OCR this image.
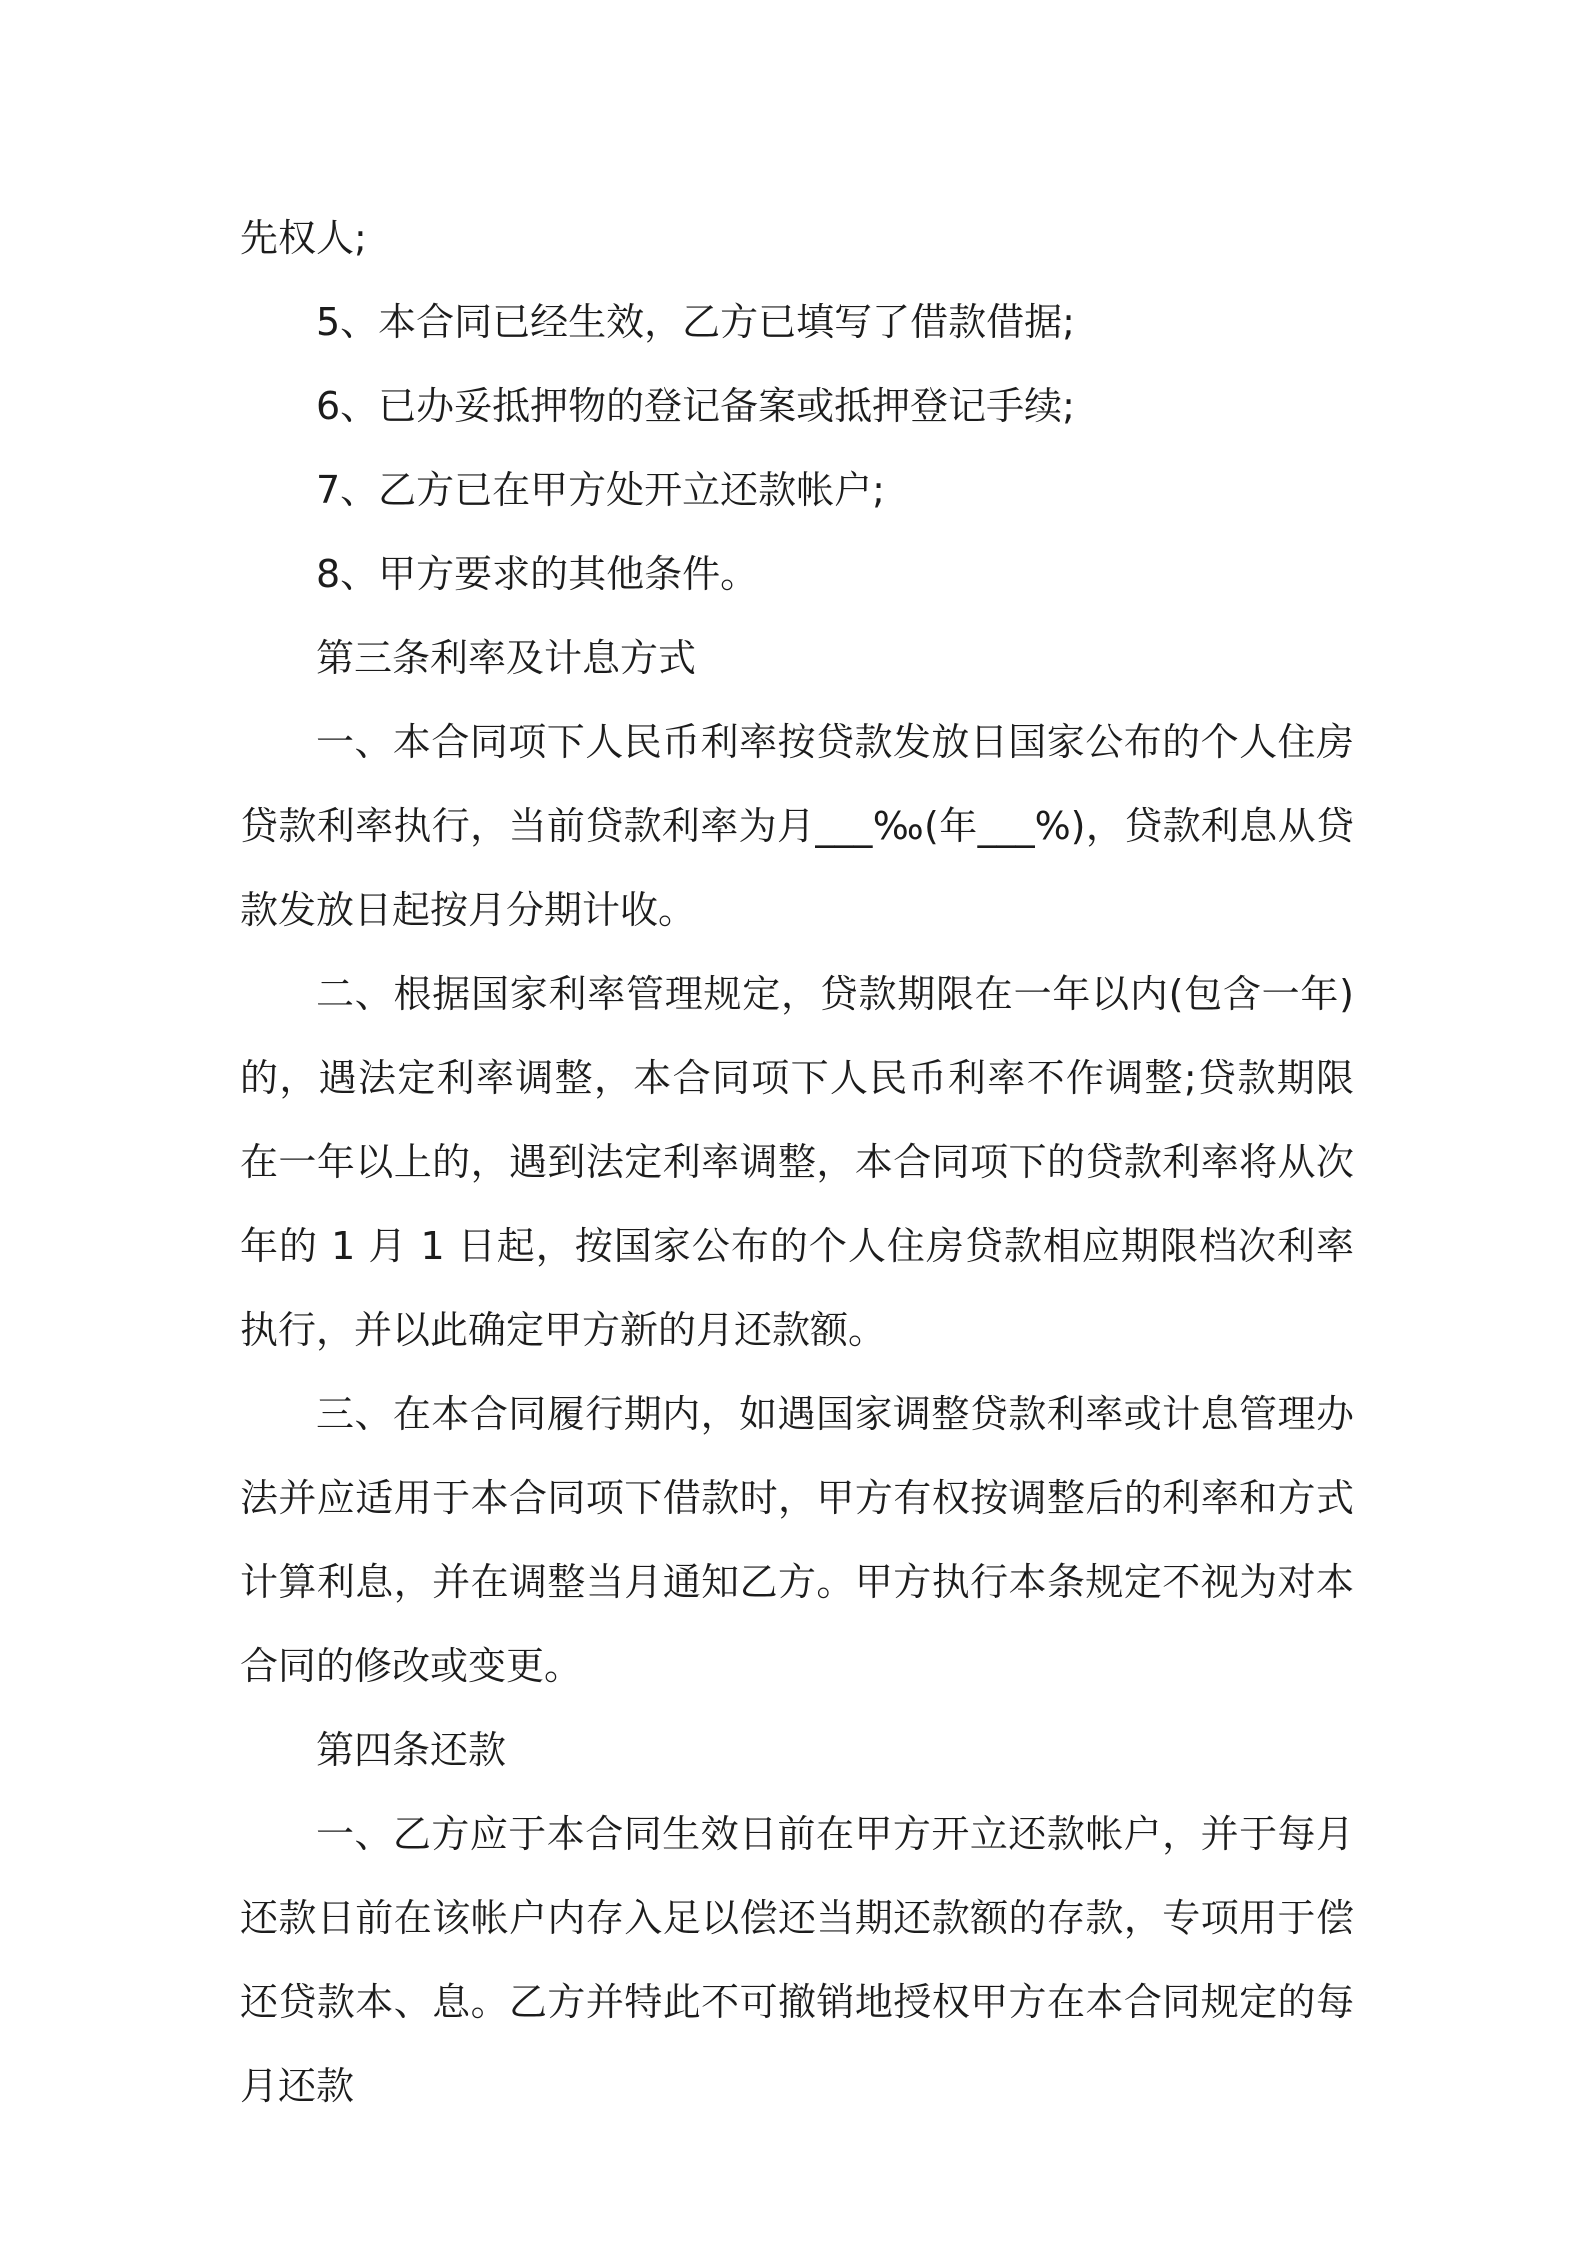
先权人;

5、本合同已经生效，乙方已填写了借款借据;

6、已办妥抵押物的登记备案或抵押登记手续;

7、乙方已在甲方处开立还款帐户;

8、甲方要求的其他条件。

第三条利率及计息方式

一、本合同项下人民币利率按贷款发放日国家公布的个人住房贷款利率执行，当前贷款利率为月___‰(年___%)，贷款利息从贷款发放日起按月分期计收。

二、根据国家利率管理规定，贷款期限在一年以内(包含一年)的，遇法定利率调整，本合同项下人民币利率不作调整;贷款期限在一年以上的，遇到法定利率调整，本合同项下的贷款利率将从次年的 1 月 1 日起，按国家公布的个人住房贷款相应期限档次利率执行，并以此确定甲方新的月还款额。

三、在本合同履行期内，如遇国家调整贷款利率或计息管理办法并应适用于本合同项下借款时，甲方有权按调整后的利率和方式计算利息，并在调整当月通知乙方。甲方执行本条规定不视为对本合同的修改或变更。

第四条还款

一、乙方应于本合同生效日前在甲方开立还款帐户，并于每月还款日前在该帐户内存入足以偿还当期还款额的存款，专项用于偿还贷款本、息。乙方并特此不可撤销地授权甲方在本合同规定的每月还款
